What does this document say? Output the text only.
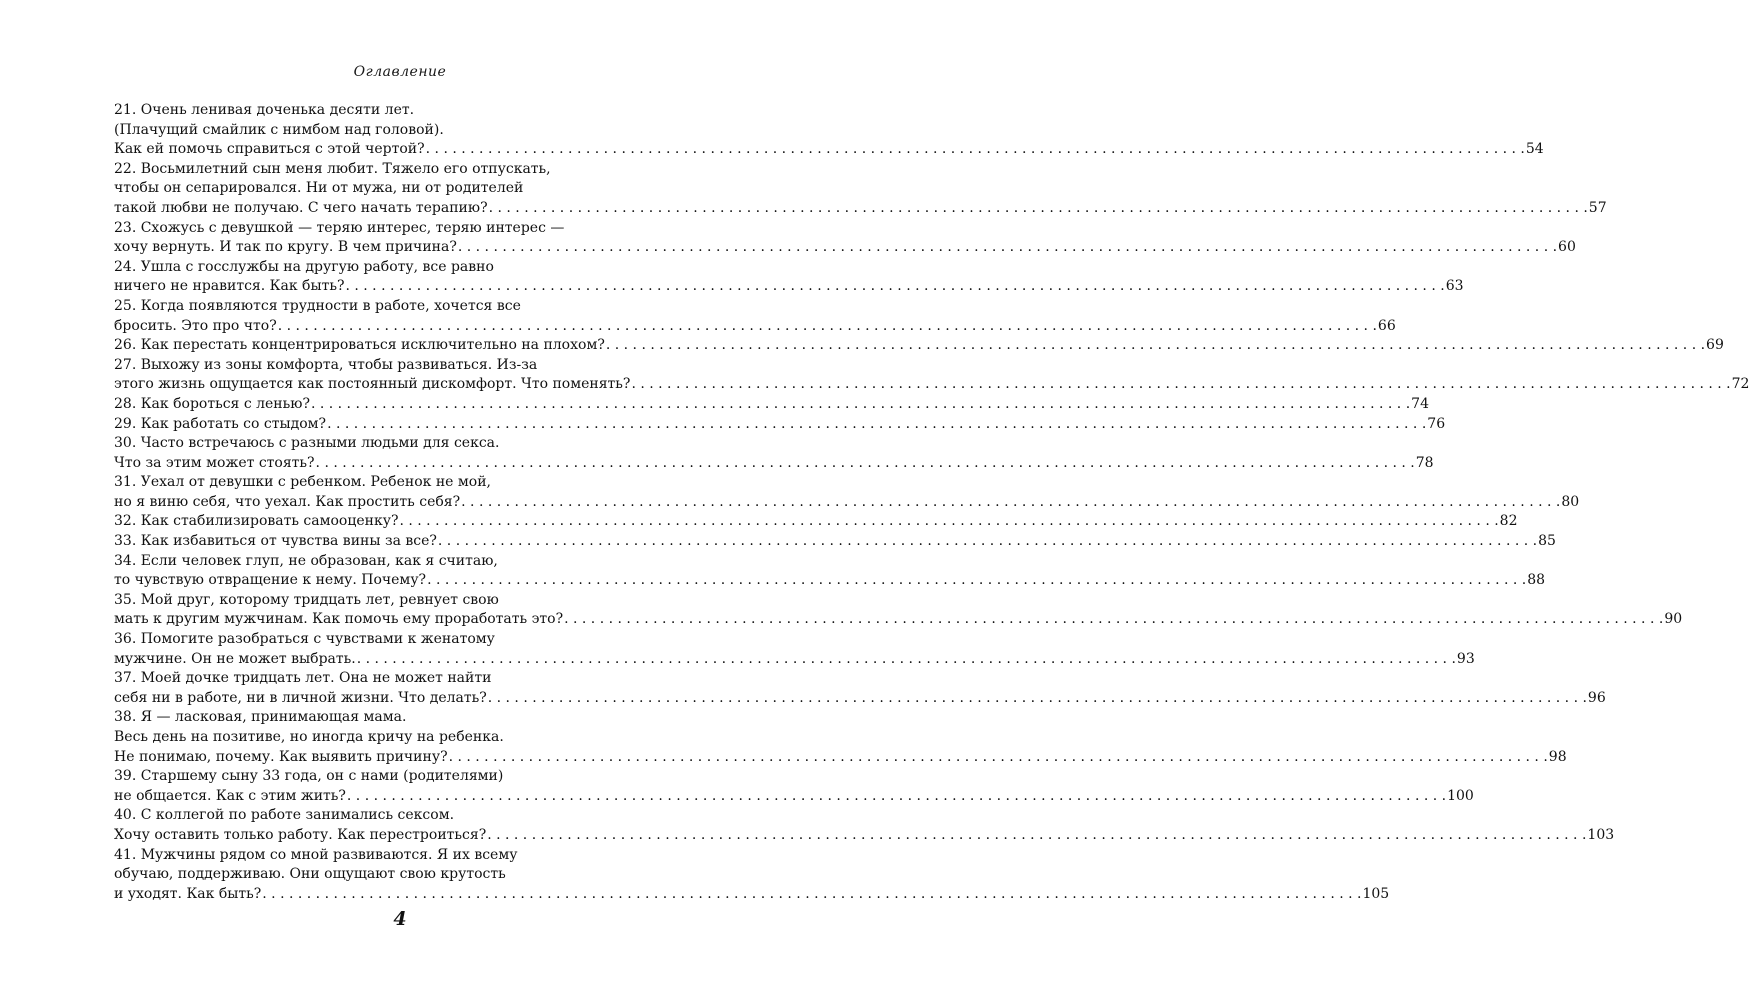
Оглавление
21. Очень ленивая доченька десяти лет.
(Плачущий смайлик с нимбом над головой).
Как ей помочь справиться с этой чертой? . . .	54
22. Восьмилетний сын меня любит. Тяжело его отпускать,
чтобы он сепарировался. Ни от мужа, ни от родителей
такой любви не получаю. С чего начать терапию? . . .	57
23. Схожусь с девушкой — теряю интерес, теряю интерес —
хочу вернуть. И так по кругу. В чем причина? . . .	60
24. Ушла с госслужбы на другую работу, все равно
ничего не нравится. Как быть? . . .	63
25. Когда появляются трудности в работе, хочется все
бросить. Это про что? . . .	66
26. Как перестать концентрироваться исключительно на плохом? . . .	69
27. Выхожу из зоны комфорта, чтобы развиваться. Из-за
этого жизнь ощущается как постоянный дискомфорт. Что поменять? . . .	72
28. Как бороться с ленью? . . .	74
29. Как работать со стыдом? . . .	76
30. Часто встречаюсь с разными людьми для секса.
Что за этим может стоять? . . .	78
31. Уехал от девушки с ребенком. Ребенок не мой,
но я виню себя, что уехал. Как простить себя? . . .	80
32. Как стабилизировать самооценку? . . .	82
33. Как избавиться от чувства вины за все? . . .	85
34. Если человек глуп, не образован, как я считаю,
то чувствую отвращение к нему. Почему? . . .	88
35. Мой друг, которому тридцать лет, ревнует свою
мать к другим мужчинам. Как помочь ему проработать это? . . .	90
36. Помогите разобраться с чувствами к женатому
мужчине. Он не может выбрать. . . .	93
37. Моей дочке тридцать лет. Она не может найти
себя ни в работе, ни в личной жизни. Что делать? . . .	96
38. Я — ласковая, принимающая мама.
Весь день на позитиве, но иногда кричу на ребенка.
Не понимаю, почему. Как выявить причину? . . .	98
39. Старшему сыну 33 года, он с нами (родителями)
не общается. Как с этим жить? . . .	100
40. С коллегой по работе занимались сексом.
Хочу оставить только работу. Как перестроиться? . . .	103
41. Мужчины рядом со мной развиваются. Я их всему
обучаю, поддерживаю. Они ощущают свою крутость
и уходят. Как быть? . . .	105
4
